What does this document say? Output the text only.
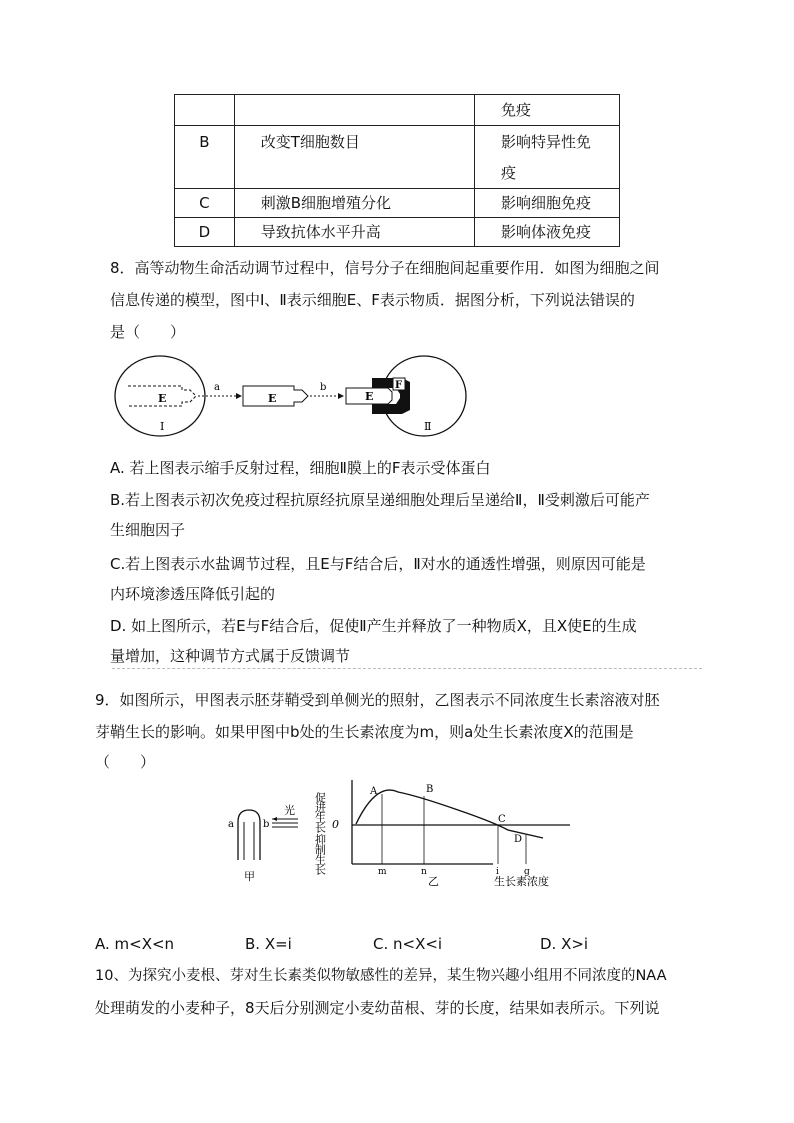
		免疫

B	改变T细胞数目	影响特异性免
疫

C	刺激B细胞增殖分化	影响细胞免疫

D	导致抗体水平升高	影响体液免疫
8．高等动物生命活动调节过程中，信号分子在细胞间起重要作用．如图为细胞之间
信息传递的模型，图中Ⅰ、Ⅱ表示细胞E、F表示物质．据图分析，下列说法错误的
是（　　）
E
Ⅰ
a
E
b	F
E
Ⅱ
A. 若上图表示缩手反射过程，细胞Ⅱ膜上的F表示受体蛋白
B.若上图表示初次免疫过程抗原经抗原呈递细胞处理后呈递给Ⅱ，Ⅱ受刺激后可能产
生细胞因子
C.若上图表示水盐调节过程，且E与F结合后，Ⅱ对水的通透性增强，则原因可能是
内环境渗透压降低引起的
D. 如上图所示，若E与F结合后，促使Ⅱ产生并释放了一种物质X，且X使E的生成
量增加，这种调节方式属于反馈调节
9．如图所示，甲图表示胚芽鞘受到单侧光的照射，乙图表示不同浓度生长素溶液对胚
芽鞘生长的影响。如果甲图中b处的生长素浓度为m，则a处生长素浓度X的范围是
（　　）
a	b
光
甲
促进生长 0
抑制生长
A	B
C
D
m	n	i	g
乙	生长素浓度
A. m<X<n	B. X=i	C. n<X<i	D. X>i
10、为探究小麦根、芽对生长素类似物敏感性的差异，某生物兴趣小组用不同浓度的NAA
处理萌发的小麦种子，8天后分别测定小麦幼苗根、芽的长度，结果如表所示。下列说
